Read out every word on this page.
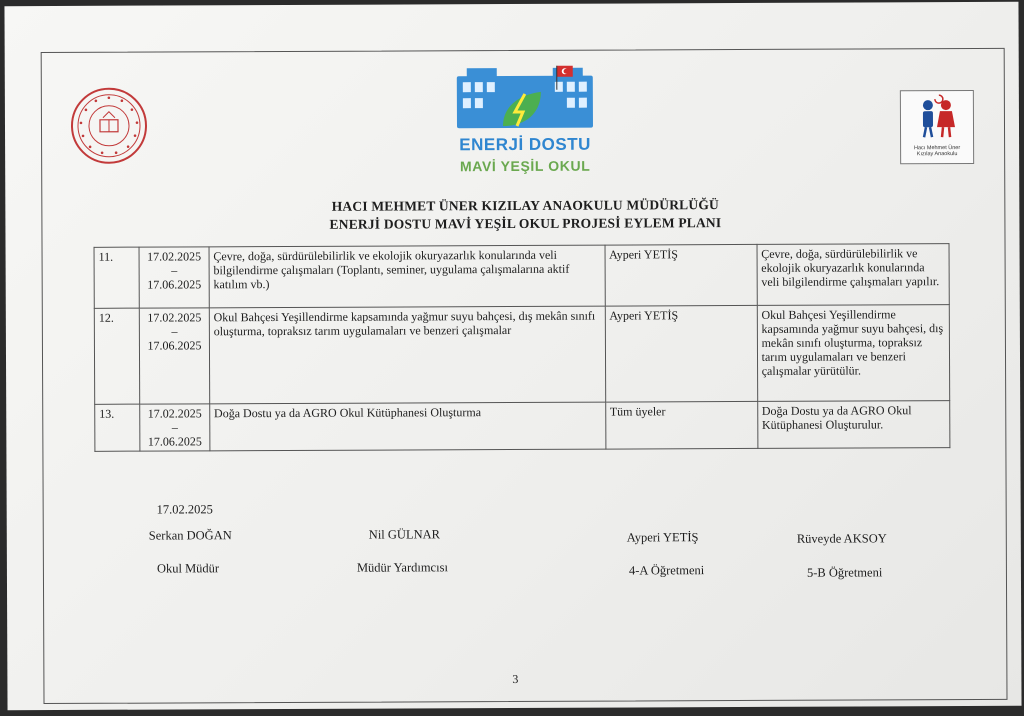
ENERJİ DOSTU
MAVİ YEŞİL OKUL
Hacı Mehmet Üner
Kızılay Anaokulu
HACI MEHMET ÜNER KIZILAY ANAOKULU MÜDÜRLÜĞÜ
ENERJİ DOSTU MAVİ YEŞİL OKUL PROJESİ EYLEM PLANI
11.	17.02.2025
–
17.06.2025	Çevre, doğa, sürdürülebilirlik ve ekolojik okuryazarlık konularında veli bilgilendirme çalışmaları (Toplantı, seminer, uygulama çalışmalarına aktif katılım vb.)	Ayperi YETİŞ	Çevre, doğa, sürdürülebilirlik ve ekolojik okuryazarlık konularında veli bilgilendirme çalışmaları yapılır.
12.	17.02.2025
–
17.06.2025	Okul Bahçesi Yeşillendirme kapsamında yağmur suyu bahçesi, dış mekân sınıfı oluşturma, topraksız tarım uygulamaları ve benzeri çalışmalar	Ayperi YETİŞ	Okul Bahçesi Yeşillendirme kapsamında yağmur suyu bahçesi, dış mekân sınıfı oluşturma, topraksız tarım uygulamaları ve benzeri çalışmalar yürütülür.
13.	17.02.2025
–
17.06.2025	Doğa Dostu ya da AGRO Okul Kütüphanesi Oluşturma	Tüm üyeler	Doğa Dostu ya da AGRO Okul Kütüphanesi Oluşturulur.
17.02.2025
Serkan DOĞAN
Okul Müdür
Nil GÜLNAR
Müdür Yardımcısı
Ayperi YETİŞ
4-A Öğretmeni
Rüveyde AKSOY
5-B Öğretmeni
3
